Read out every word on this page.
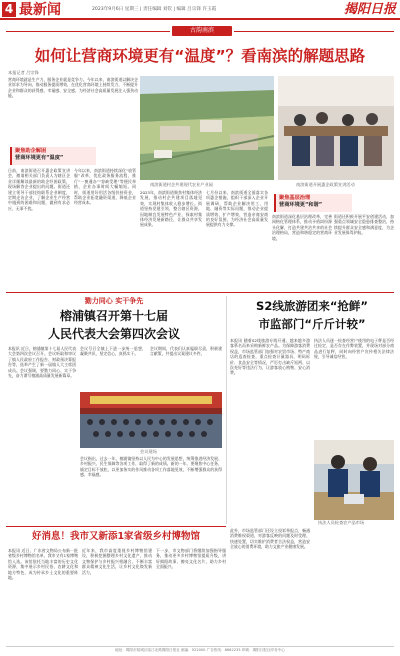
4 最新闻	2023年9月6日 星期三 | 责任编辑 刘钦 | 编辑 吕宗锋 许玉霞	揭阳日报
古韵南滨
如何让营商环境更有“温度”？看南滨的解题思路
本报记者 吕宗锋
营商环境就是生产力，服务企业就是竞争力。今年以来，南滨街道以解决企业诉求为导向，推动服务提质增效，在优化营商环境上持续发力，不断提升企业和群众的获得感、幸福感、安全感，为经济社会高质量发展注入强劲动能。
聚焦助企解困
营商环境更有“温度”
日前，南滨街道召开惠企政策宣讲会，邀请相关部门负责人为辖区企业详细解读最新的助企纾困政策，现场解答企业提出的问题。街道还建立领导干部挂钩联系企业制度，定期走访企业，了解企业生产经营中遇到的困难和问题，做到有求必应、无事不扰。
今年以来，南滨街道持续深化“放管服”改革，优化政务服务流程，推行“一窗通办”“容缺受理”等便民举措，企业办事时间大幅缩短。同时，街道用好用活各级扶持资金，帮助企业拓宽融资渠道，降低企业经营成本。
南滨街道村企共建现代农业产业园	南滨街道开展惠企政策宣讲活动
2023年，南滨街道聚焦村集体经济发展，推动村企共建项目落地见效，实现村集体收入稳步增长。街道坚持党建引领，整合辖区资源，因地制宜发展特色产业，探索村集体经济发展新路径，让群众共享发展成果。
七月份以来，南滨街道全面落实各项惠企措施，组织干部深入企业开展调研，帮助企业解决用工、用地、融资等实际问题，推动企业提质增效、扩产增效，营造亲商安商的良好氛围，为经济社会高质量发展提供有力支撑。
聚焦基层治理
营商环境更“和谐”
南滨街道深化基层治理改革，完善网格化管理体系，推动矛盾纠纷源头化解，打造共建共治共享的社会治理格局，营造和谐稳定的营商环境。
街道还积极开展平安创建活动，加强重点领域安全隐患排查整治，持续提升群众安全感和满意度，为企业发展保驾护航。
勠力同心 实干争先
榕浦镇召开第十七届
人民代表大会第四次会议
本报讯 近日，榕浦镇第十七届人民代表大会第四次会议召开。会议听取和审议了镇人民政府工作报告、财政预决算报告等，选举产生了新一届镇人大主席团成员。会议强调，要勠力同心、实干争先，奋力谱写榕浦高质量发展新篇章。
会议号召全镇上下进一步统一思想，凝聚共识，坚定信心，真抓实干。
会议现场
会议期间，代表们认真履职尽责，积极建言献策，共提出议案建议多件。
会议指出，过去一年，榕浦镇坚持以人民为中心的发展思想，统筹推进经济发展、乡村振兴、民生保障等各项工作，取得了新的成绩。新的一年，要聚焦中心任务，锚定目标不放松，以更加务实的作风推动各项工作落地见效，不断增强群众的获得感、幸福感。
S2线旅游团来“抢鲜”
市监部门“斤斤计较”
本报讯 随着S2线旅游专线开通，越来越多游客慕名而来采购新鲜农产品。为保障游客消费权益，市场监管部门加强对农贸市场、特产商店的巡查检查，重点检查计量器具、明码标价、食品安全等情况，严厉打击缺斤短两、以次充好等违法行为，让游客放心购物、安心消费。
执法人员逐一检查经营户使用的电子秤是否经过检定、是否存在作弊装置，并现场对部分商品进行复秤，同时向经营户宣传相关法律法规，引导诚信经营。
执法人员检查农产品市场
好消息！我市又新添1家省级乡村博物馆
本报讯 近日，广东省文物局公布新一批省级乡村博物馆名单，我市又有1家博物馆入选。该馆依托当地丰富的历史文化资源，集中展示乡村民俗、农耕文化和地方特色，成为传承乡土文化的重要阵地。
近年来，我市高度重视乡村博物馆建设，积极挖掘整理乡村文化遗产，推动文物保护与乡村振兴相融合，不断丰富群众精神文化生活，让乡村文化焕发新活力。
下一步，市文物部门将继续加强指导服务，推动更多乡村博物馆提质升级，讲好揭阳故事，擦亮文化名片，助力乡村全面振兴。
此外，市场监管部门还设立投诉举报点，畅通消费维权渠道，对游客反映的问题及时受理、快速处置，切实维护消费者合法权益，营造安全放心的消费环境，助力文旅产业健康发展。
地址：揭阳市榕城区临江北路揭阳日报社 邮编：522000 广告热线：8662233 印刷：揭阳日报社印务中心
